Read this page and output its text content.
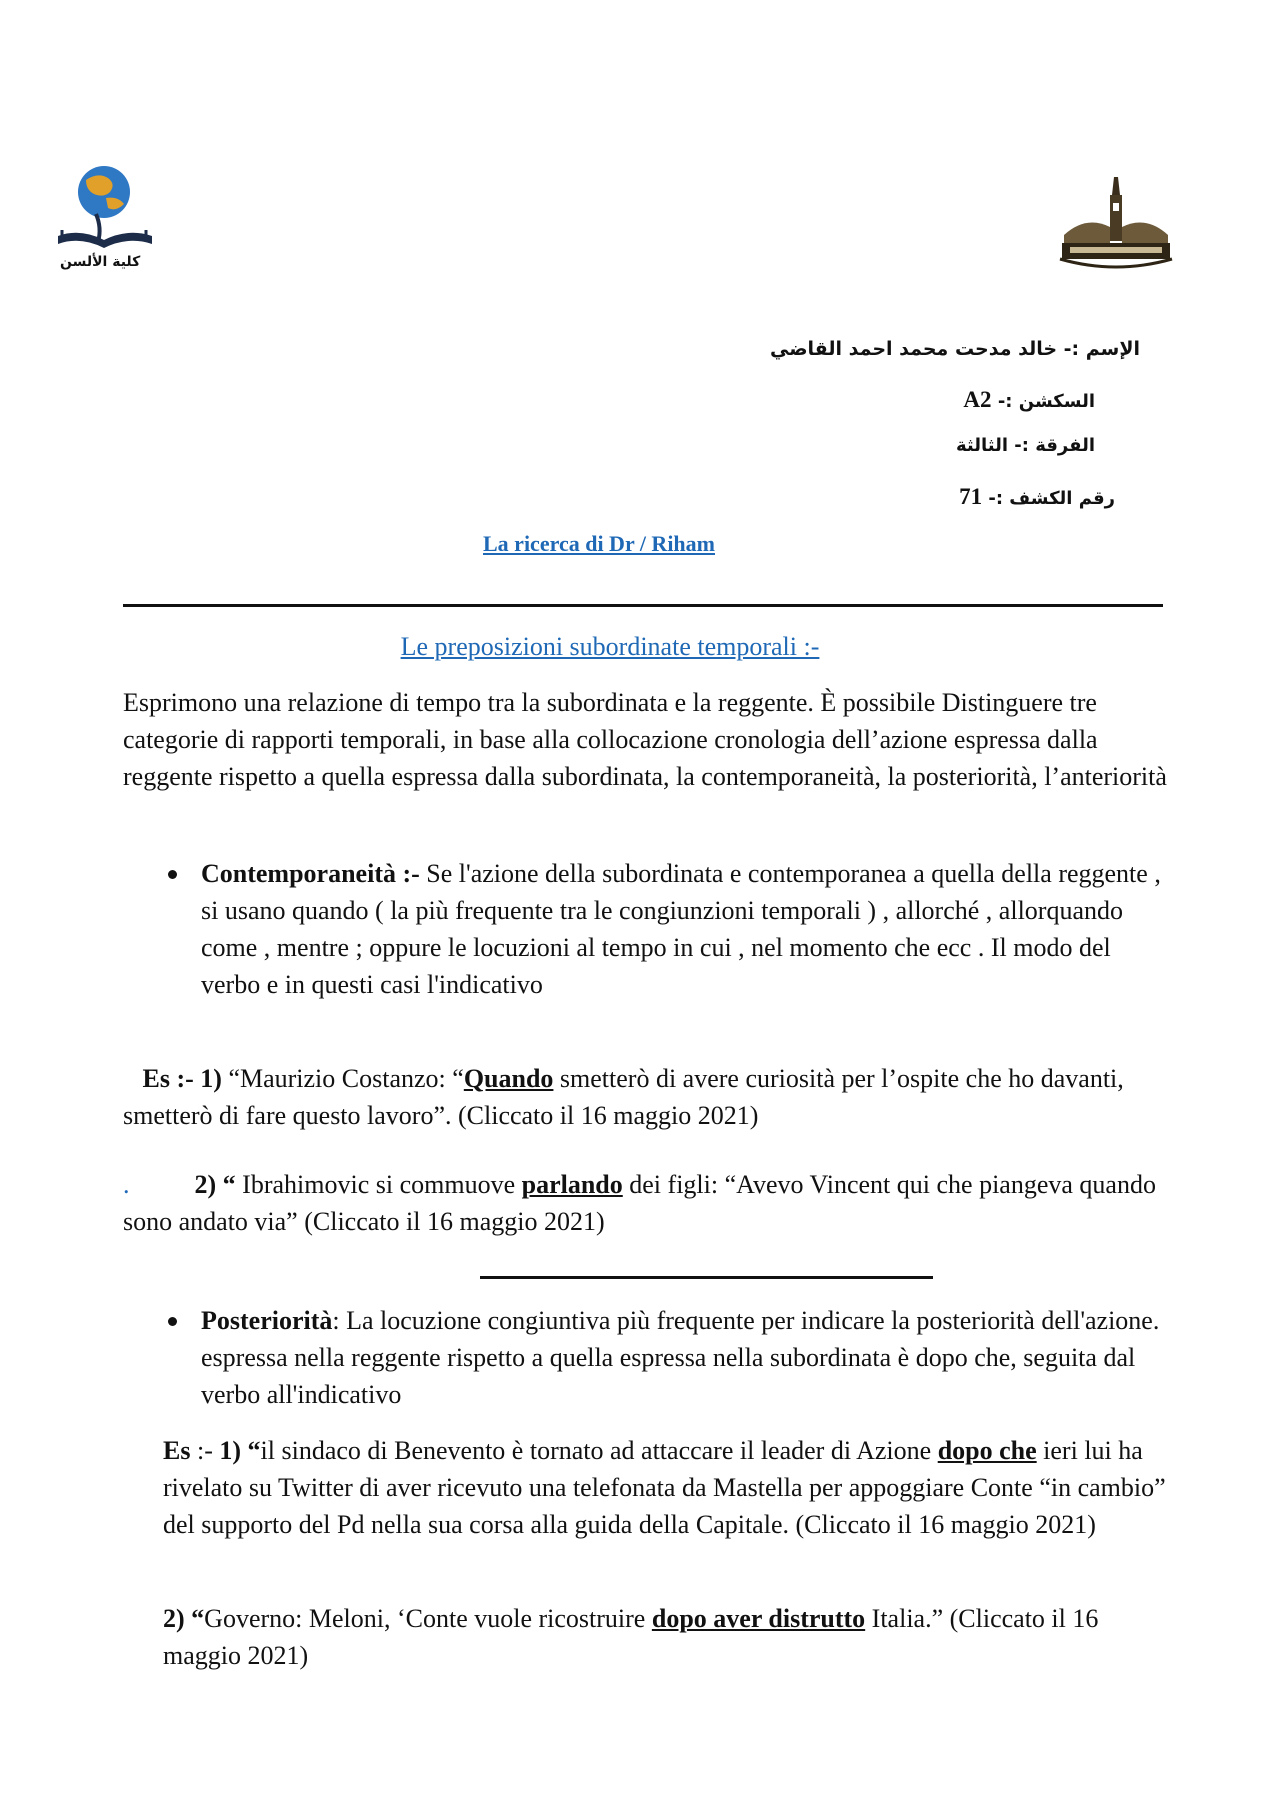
كلية الألسن
الإسم :- خالد مدحت محمد احمد القاضي
السكشن :- A2
الفرقة :- الثالثة
رقم الكشف :- 71
La ricerca di Dr / Riham
Le preposizioni subordinate temporali :-
Esprimono una relazione di tempo tra la subordinata e la reggente. È possibile Distinguere tre categorie di rapporti temporali, in base alla collocazione cronologia dell’azione espressa dalla reggente rispetto a quella espressa dalla subordinata, la contemporaneità, la posteriorità, l’anteriorità
Contemporaneità :- Se l'azione della subordinata e contemporanea a quella della reggente , si usano quando ( la più frequente tra le congiunzioni temporali ) , allorché , allorquando come , mentre ; oppure le locuzioni al tempo in cui , nel momento che ecc . Il modo del verbo e in questi casi l'indicativo
Es :- 1) “Maurizio Costanzo: “Quando smetterò di avere curiosità per l’ospite che ho davanti, smetterò di fare questo lavoro”. (Cliccato il 16 maggio 2021)
.	2) “ Ibrahimovic si commuove parlando dei figli: “Avevo Vincent qui che piangeva quando sono andato via” (Cliccato il 16 maggio 2021)
Posteriorità: La locuzione congiuntiva più frequente per indicare la posteriorità dell'azione. espressa nella reggente rispetto a quella espressa nella subordinata è dopo che, seguita dal verbo all'indicativo
Es :- 1) “il sindaco di Benevento è tornato ad attaccare il leader di Azione dopo che ieri lui ha rivelato su Twitter di aver ricevuto una telefonata da Mastella per appoggiare Conte “in cambio” del supporto del Pd nella sua corsa alla guida della Capitale. (Cliccato il 16 maggio 2021)
2) “Governo: Meloni, ‘Conte vuole ricostruire dopo aver distrutto Italia.” (Cliccato il 16 maggio 2021)
